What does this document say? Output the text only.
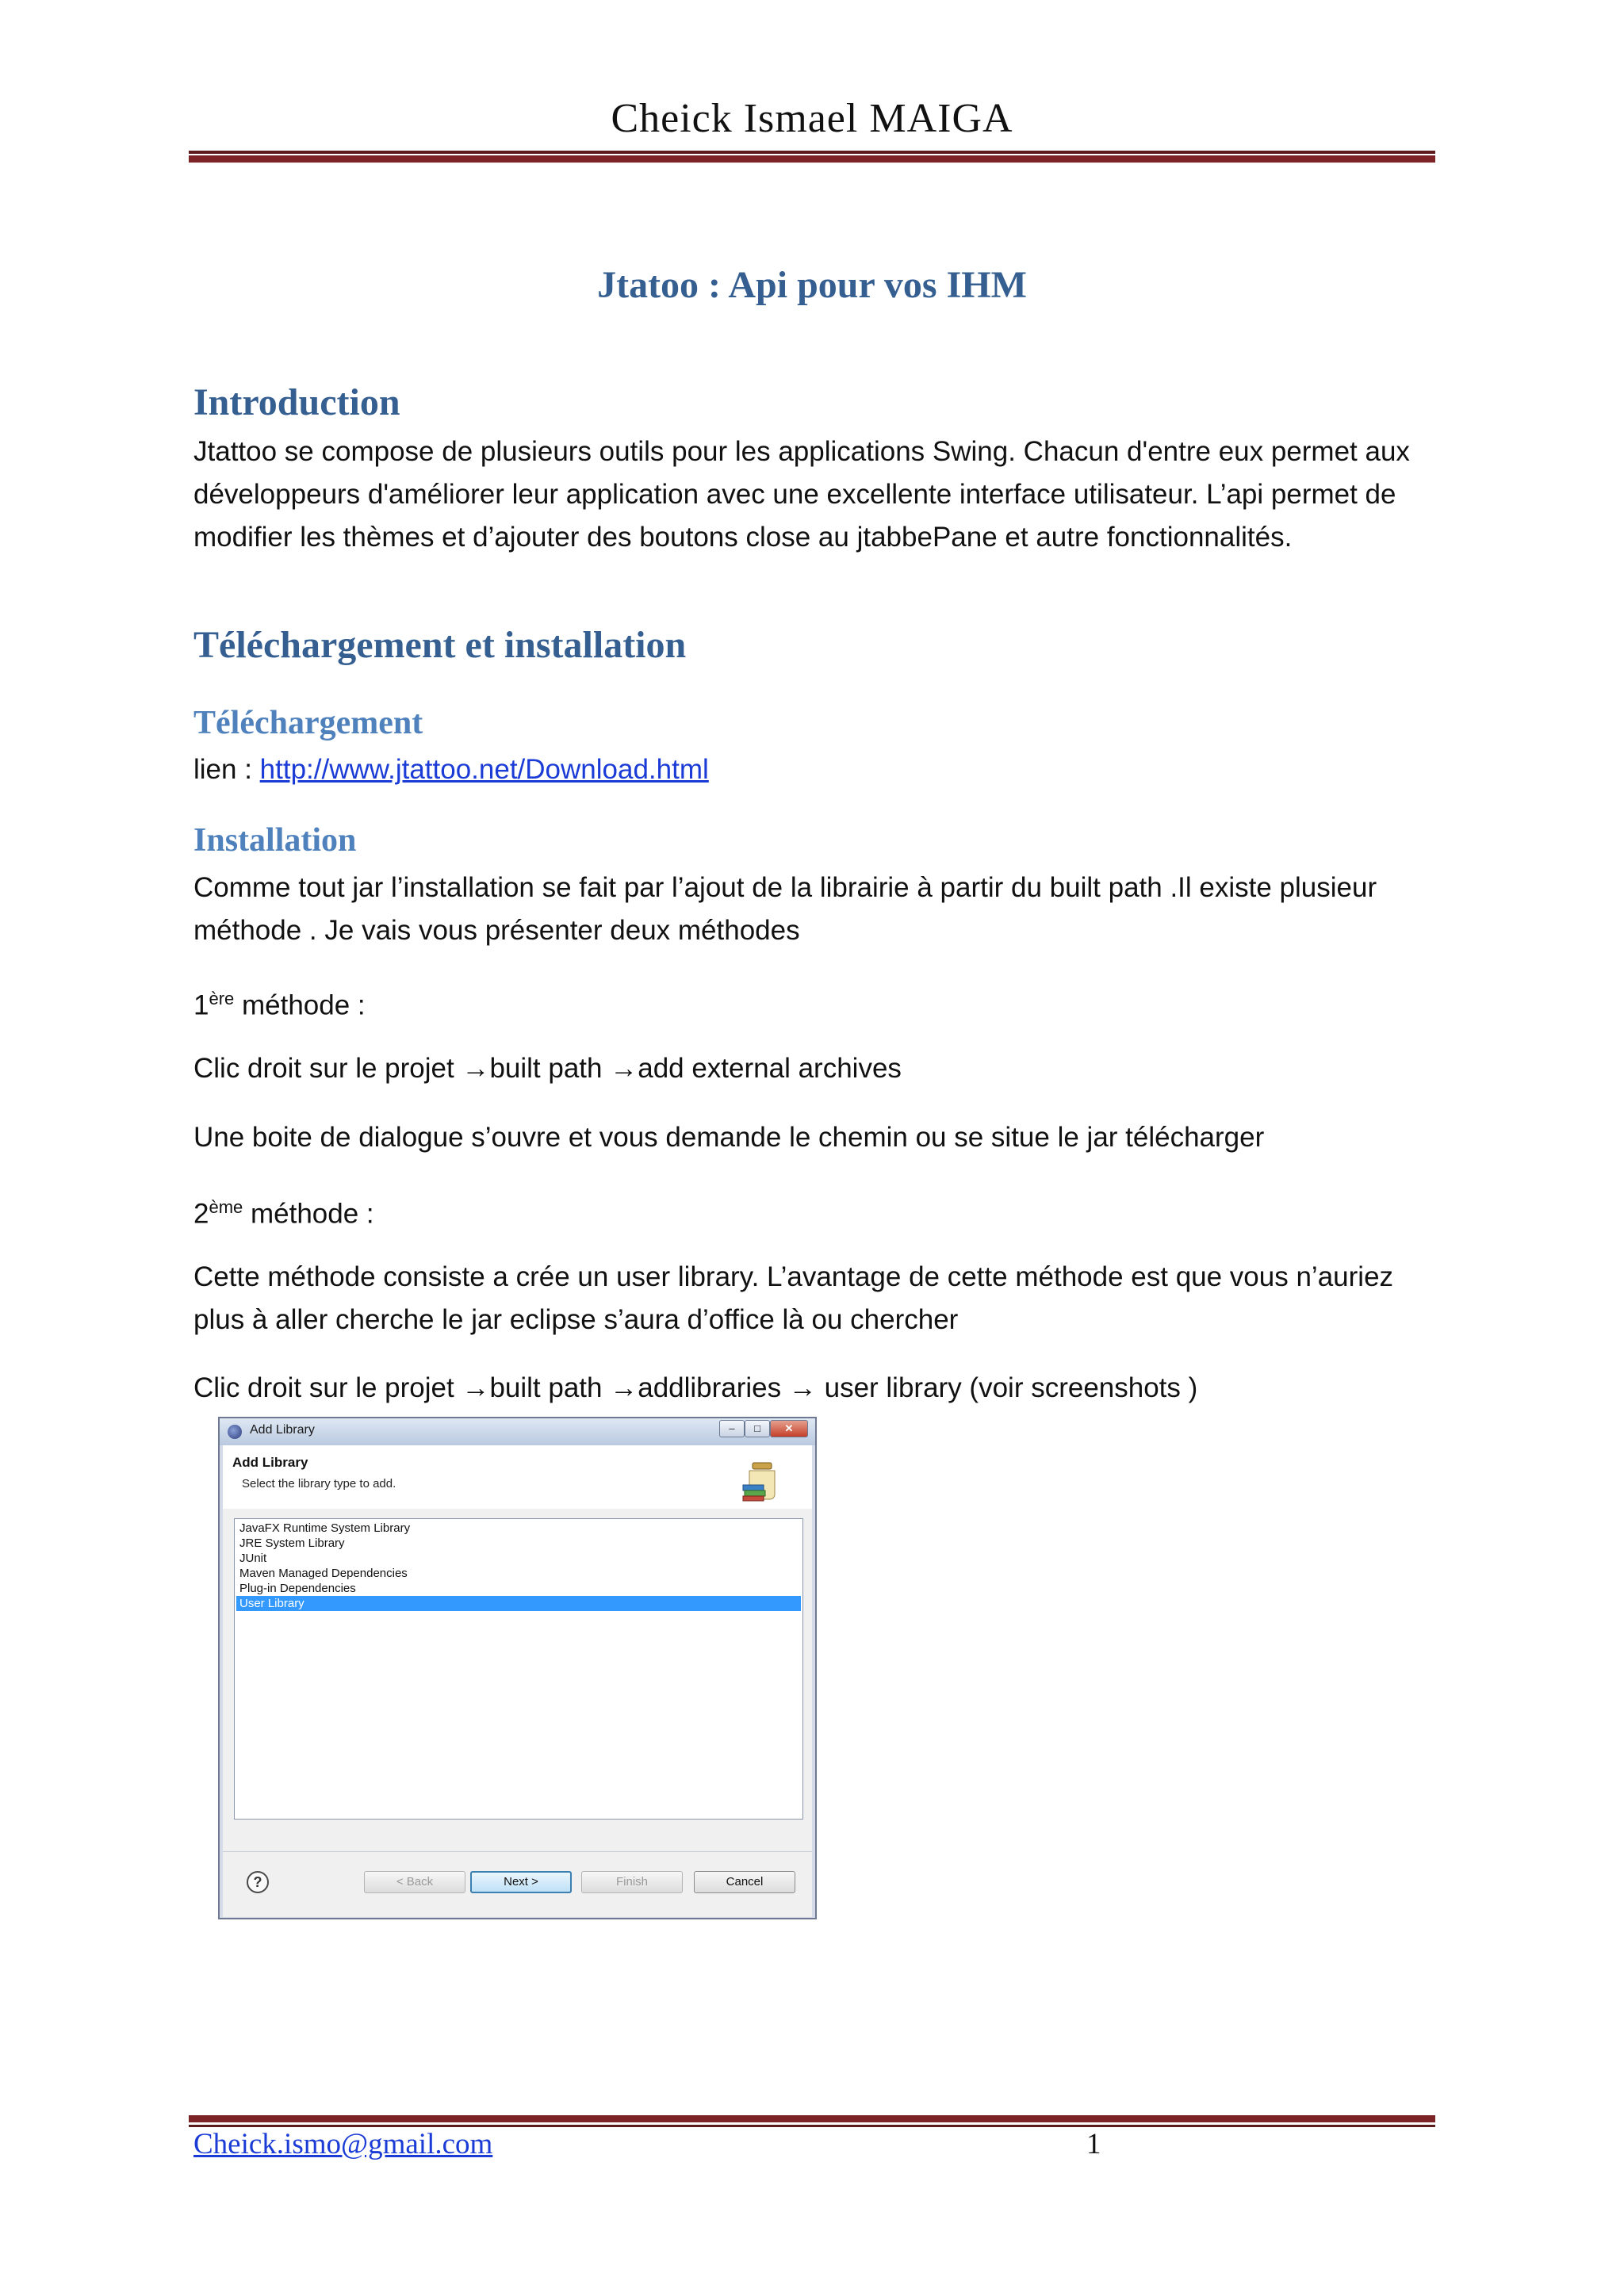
Cheick Ismael MAIGA
Jtatoo : Api pour vos IHM
Introduction
Jtattoo se compose de plusieurs outils pour les applications Swing. Chacun d'entre eux permet aux
développeurs d'améliorer leur application avec une excellente interface utilisateur. L’api permet de
modifier les thèmes et d’ajouter des boutons close au jtabbePane et autre fonctionnalités.
Téléchargement et installation
Téléchargement
lien : http://www.jtattoo.net/Download.html
Installation
Comme tout jar l’installation se fait par l’ajout de la librairie à partir du built path .Il existe plusieur
méthode . Je vais vous présenter deux méthodes
1ère méthode :
Clic droit sur le projet →built path →add external archives
Une boite de dialogue s’ouvre et vous demande le chemin ou se situe le jar télécharger
2ème méthode :
Cette méthode consiste a crée un user library. L’avantage de cette méthode est que vous n’auriez
plus à aller cherche le jar eclipse s’aura d’office là ou chercher
Clic droit sur le projet →built path →addlibraries → user library (voir screenshots )
Add Library	–	□	✕
Add Library
Select the library type to add.
JavaFX Runtime System Library
JRE System Library
JUnit
Maven Managed Dependencies
Plug-in Dependencies
User Library
?	< Back	Next >	Finish	Cancel
Cheick.ismo@gmail.com	1
